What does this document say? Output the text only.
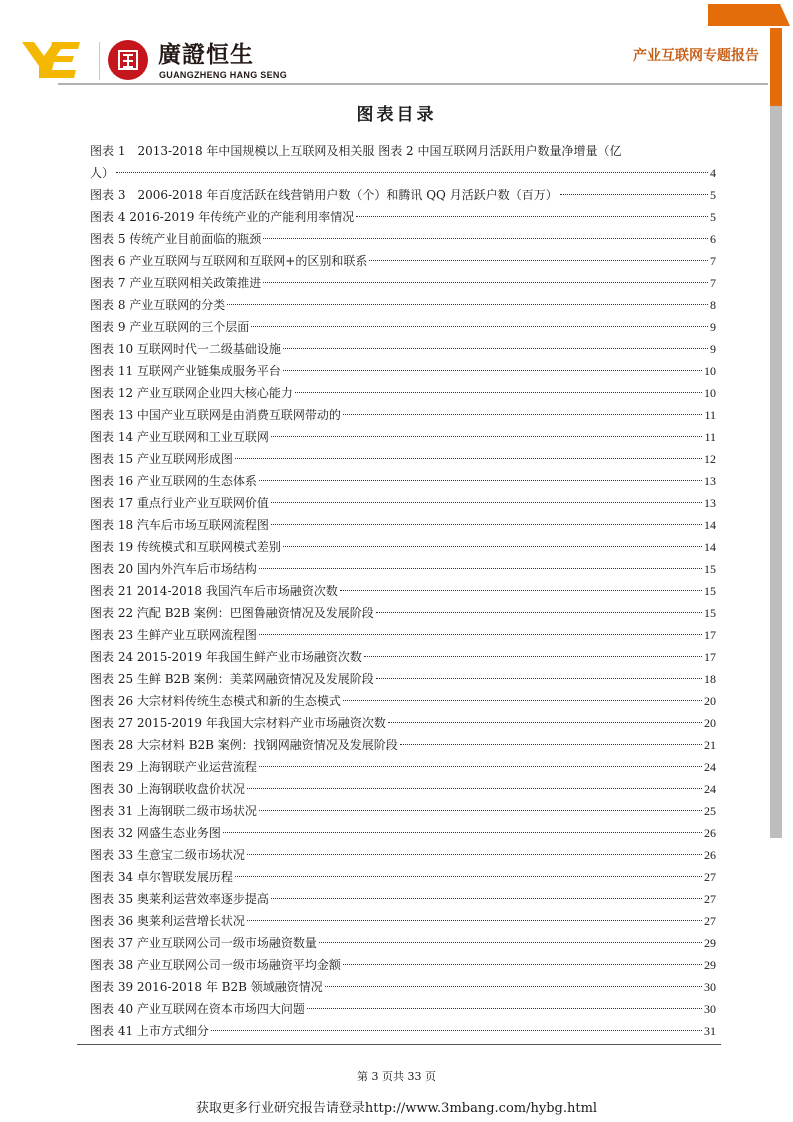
廣證恒生
GUANGZHENG HANG SENG
产业互联网专题报告
图表目录
图表 1　2013-2018 年中国规模以上互联网及相关服 图表 2 中国互联网月活跃用户数量净增量（亿
人）	4
图表 3　2006-2018 年百度活跃在线营销用户数（个）和腾讯 QQ 月活跃户数（百万）	5
图表 4 2016-2019 年传统产业的产能利用率情况	5
图表 5 传统产业目前面临的瓶颈	6
图表 6 产业互联网与互联网和互联网+的区别和联系	7
图表 7 产业互联网相关政策推进	7
图表 8 产业互联网的分类	8
图表 9 产业互联网的三个层面	9
图表 10 互联网时代一二级基础设施	9
图表 11 互联网产业链集成服务平台	10
图表 12 产业互联网企业四大核心能力	10
图表 13 中国产业互联网是由消费互联网带动的	11
图表 14 产业互联网和工业互联网	11
图表 15 产业互联网形成图	12
图表 16 产业互联网的生态体系	13
图表 17 重点行业产业互联网价值	13
图表 18 汽车后市场互联网流程图	14
图表 19 传统模式和互联网模式差别	14
图表 20 国内外汽车后市场结构	15
图表 21 2014-2018 我国汽车后市场融资次数	15
图表 22 汽配 B2B 案例：巴图鲁融资情况及发展阶段	15
图表 23 生鲜产业互联网流程图	17
图表 24 2015-2019 年我国生鲜产业市场融资次数	17
图表 25 生鲜 B2B 案例：美菜网融资情况及发展阶段	18
图表 26 大宗材料传统生态模式和新的生态模式	20
图表 27 2015-2019 年我国大宗材料产业市场融资次数	20
图表 28 大宗材料 B2B 案例：找钢网融资情况及发展阶段	21
图表 29 上海钢联产业运营流程	24
图表 30 上海钢联收盘价状况	24
图表 31 上海钢联二级市场状况	25
图表 32 网盛生态业务图	26
图表 33 生意宝二级市场状况	26
图表 34 卓尔智联发展历程	27
图表 35 奥莱利运营效率逐步提高	27
图表 36 奥莱利运营增长状况	27
图表 37 产业互联网公司一级市场融资数量	29
图表 38 产业互联网公司一级市场融资平均金额	29
图表 39 2016-2018 年 B2B 领域融资情况	30
图表 40 产业互联网在资本市场四大问题	30
图表 41 上市方式细分	31
第 3 页共 33 页
获取更多行业研究报告请登录http://www.3mbang.com/hybg.html
